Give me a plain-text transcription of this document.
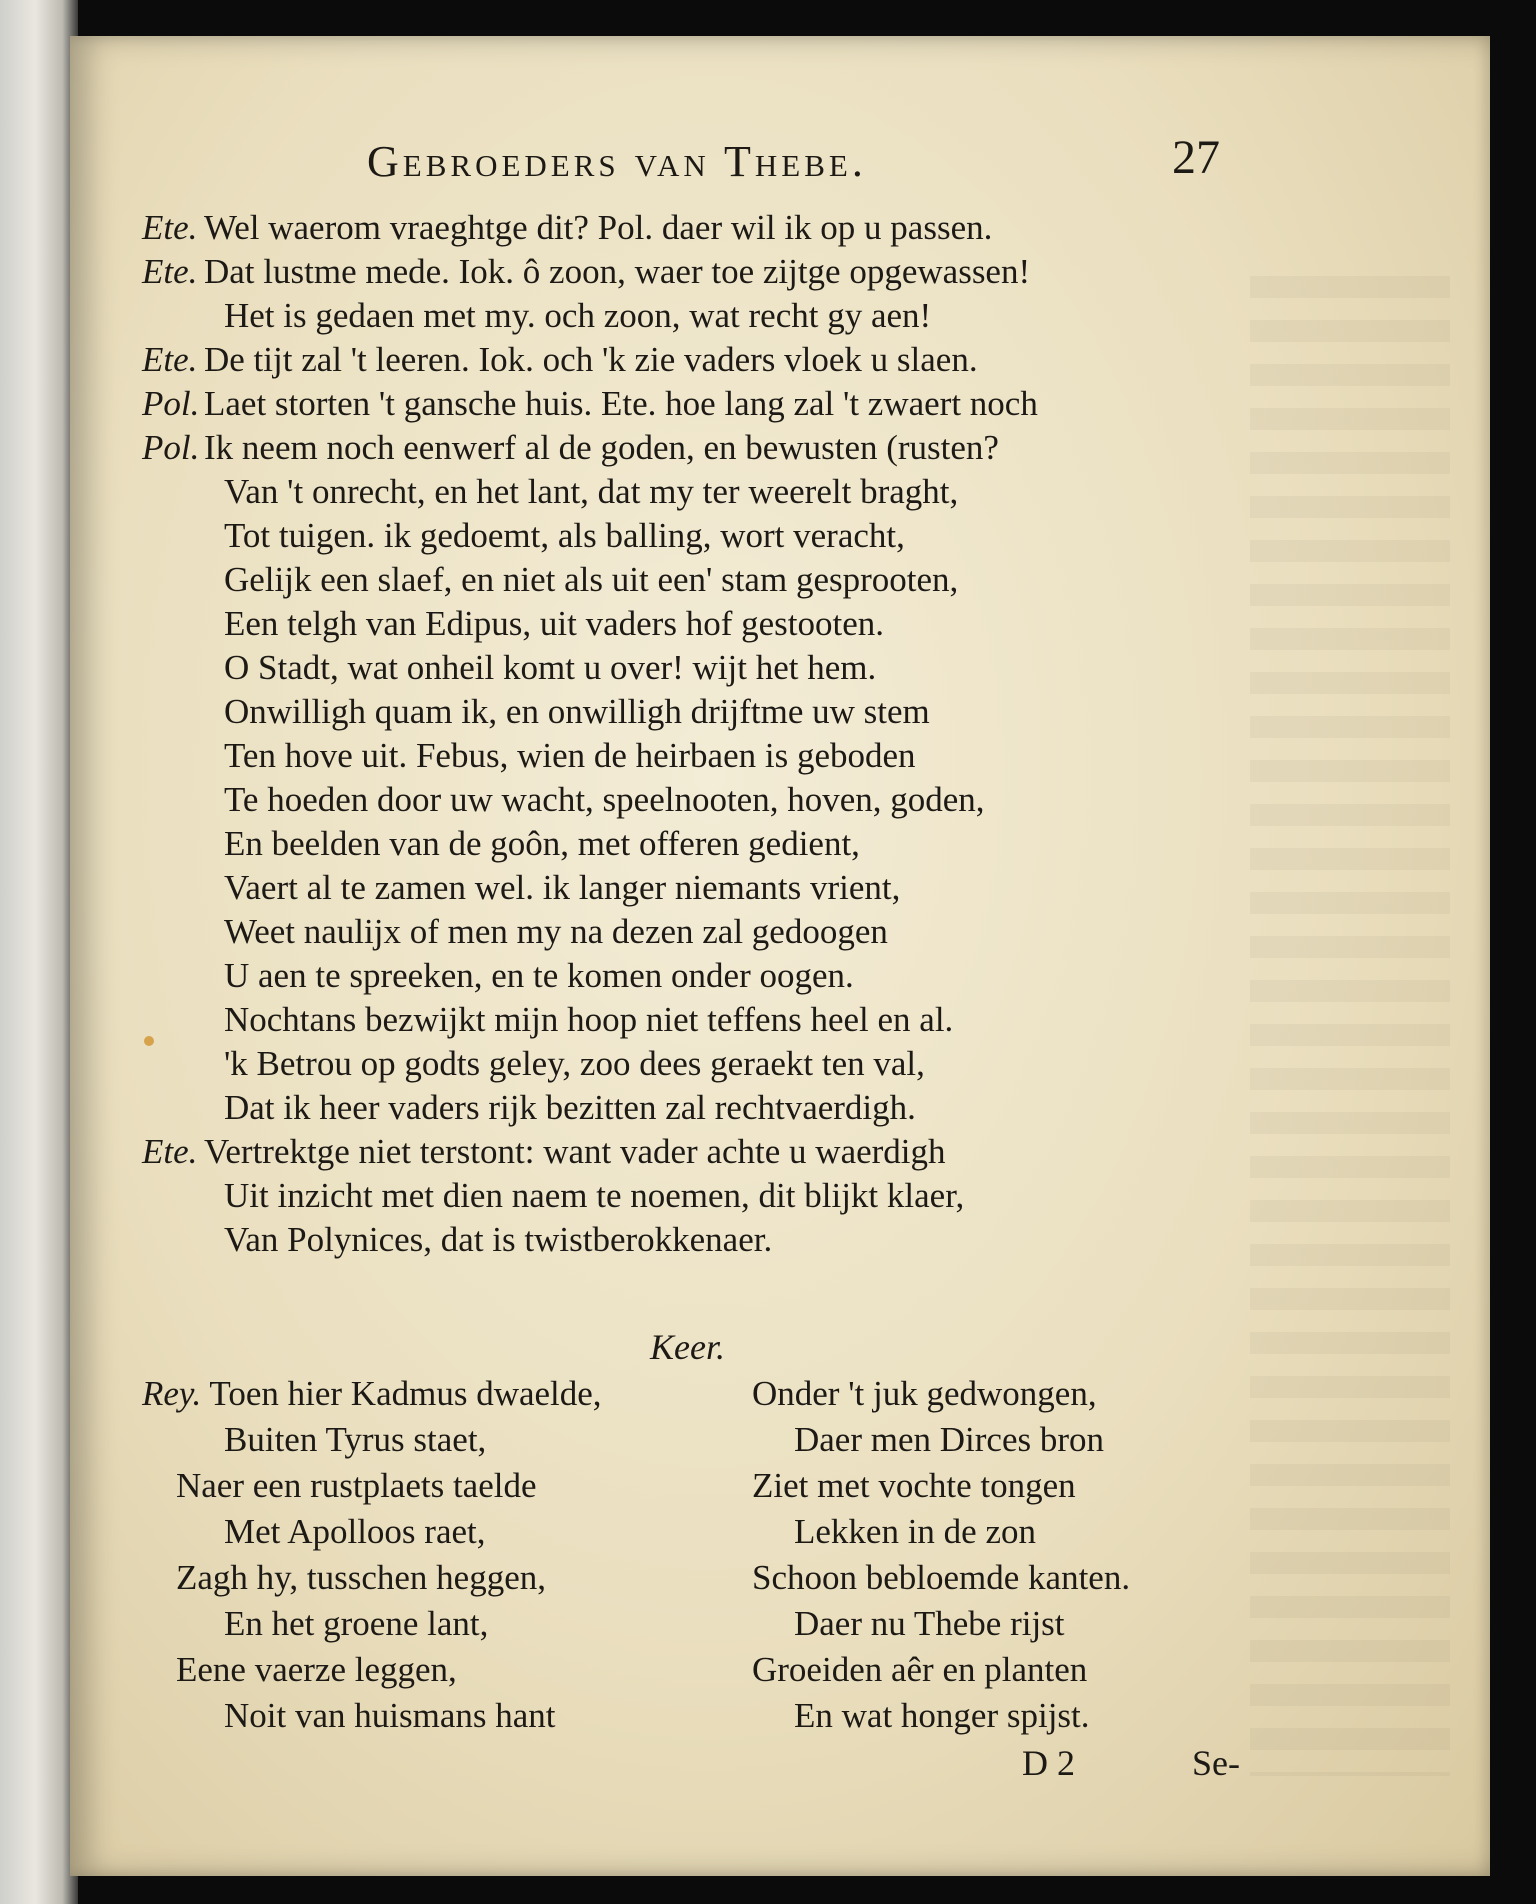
Gebroeders van Thebe.	27
Ete. Wel waerom vraeghtge dit? Pol. daer wil ik op u passen.
Ete. Dat lustme mede. Iok. ô zoon, waer toe zijtge opgewassen!
Het is gedaen met my. och zoon, wat recht gy aen!
Ete. De tijt zal 't leeren. Iok. och 'k zie vaders vloek u slaen.
Pol. Laet storten 't gansche huis. Ete. hoe lang zal 't zwaert noch
Pol. Ik neem noch eenwerf al de goden, en bewusten (rusten?
Van 't onrecht, en het lant, dat my ter weerelt braght,
Tot tuigen. ik gedoemt, als balling, wort veracht,
Gelijk een slaef, en niet als uit een' stam gesprooten,
Een telgh van Edipus, uit vaders hof gestooten.
O Stadt, wat onheil komt u over! wijt het hem.
Onwilligh quam ik, en onwilligh drijftme uw stem
Ten hove uit. Febus, wien de heirbaen is geboden
Te hoeden door uw wacht, speelnooten, hoven, goden,
En beelden van de goôn, met offeren gedient,
Vaert al te zamen wel. ik langer niemants vrient,
Weet naulijx of men my na dezen zal gedoogen
U aen te spreeken, en te komen onder oogen.
Nochtans bezwijkt mijn hoop niet teffens heel en al.
'k Betrou op godts geley, zoo dees geraekt ten val,
Dat ik heer vaders rijk bezitten zal rechtvaerdigh.
Ete. Vertrektge niet terstont: want vader achte u waerdigh
Uit inzicht met dien naem te noemen, dit blijkt klaer,
Van Polynices, dat is twistberokkenaer.
Keer.
Rey. Toen hier Kadmus dwaelde,	Onder 't juk gedwongen,
Buiten Tyrus staet,	Daer men Dirces bron
Naer een rustplaets taelde	Ziet met vochte tongen
Met Apolloos raet,	Lekken in de zon
Zagh hy, tusschen heggen,	Schoon bebloemde kanten.
En het groene lant,	Daer nu Thebe rijst
Eene vaerze leggen,	Groeiden aêr en planten
Noit van huismans hant	En wat honger spijst.
D 2	Se-
